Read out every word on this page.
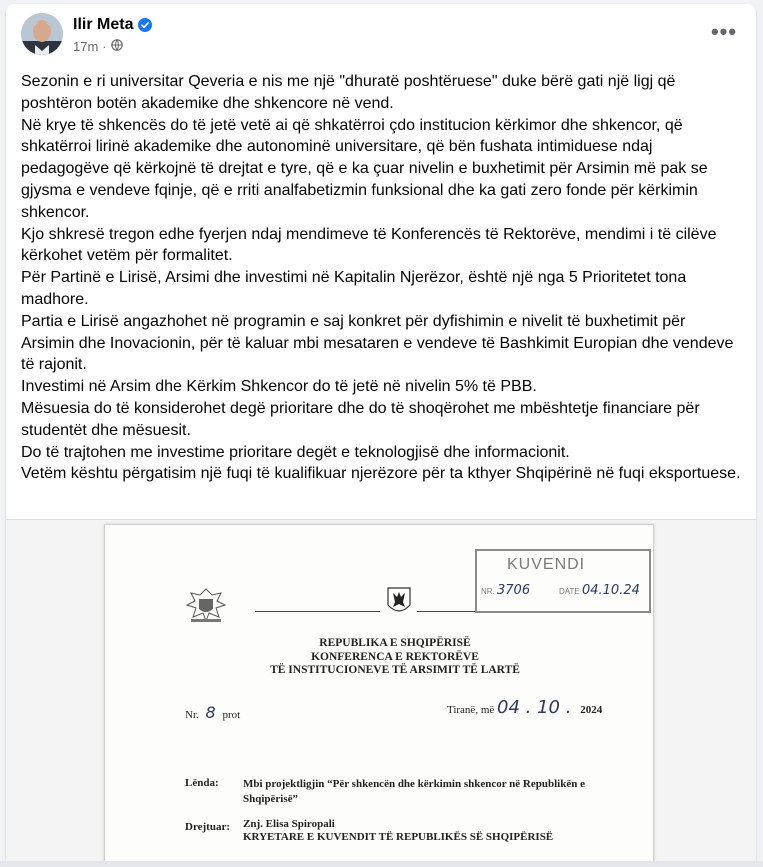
Ilir Meta
17m ·
•••

Sezonin e ri universitar Qeveria e nis me një "dhuratë poshtëruese" duke bërë gati një ligj që poshtëron botën akademike dhe shkencore në vend.

Në krye të shkencës do të jetë vetë ai që shkatërroi çdo institucion kërkimor dhe shkencor, që shkatërroi lirinë akademike dhe autonominë universitare, që bën fushata intimiduese ndaj pedagogëve që kërkojnë të drejtat e tyre, që e ka çuar nivelin e buxhetimit për Arsimin më pak se gjysma e vendeve fqinje, që e rriti analfabetizmin funksional dhe ka gati zero fonde për kërkimin shkencor.

Kjo shkresë tregon edhe fyerjen ndaj mendimeve të Konferencës të Rektorëve, mendimi i të cilëve kërkohet vetëm për formalitet.

Për Partinë e Lirisë, Arsimi dhe investimi në Kapitalin Njerëzor, është një nga 5 Prioritetet tona madhore.

Partia e Lirisë angazhohet në programin e saj konkret për dyfishimin e nivelit të buxhetimit për Arsimin dhe Inovacionin, për të kaluar mbi mesataren e vendeve të Bashkimit Europian dhe vendeve të rajonit.

Investimi në Arsim dhe Kërkim Shkencor do të jetë në nivelin 5% të PBB.

Mësuesia do të konsiderohet degë prioritare dhe do të shoqërohet me mbështetje financiare për studentët dhe mësuesit.

Do të trajtohen me investime prioritare degët e teknologjisë dhe informacionit.

Vetëm kështu përgatisim një fuqi të kualifikuar njerëzore për ta kthyer Shqipërinë në fuqi eksportuese.

KUVENDI
NR. 3706	DATE 04.10.24
REPUBLIKA E SHQIPËRISË
KONFERENCA E REKTORËVE
TË INSTITUCIONEVE TË ARSIMIT TË LARTË
Nr. 8 prot	Tiranë, më 04 . 10 . 2024
Lënda: Mbi projektligjin “Për shkencën dhe kërkimin shkencor në Republikën e Shqipërisë”
Drejtuar: Znj. Elisa Spiropali
KRYETARE E KUVENDIT TË REPUBLIKËS SË SHQIPËRISË
